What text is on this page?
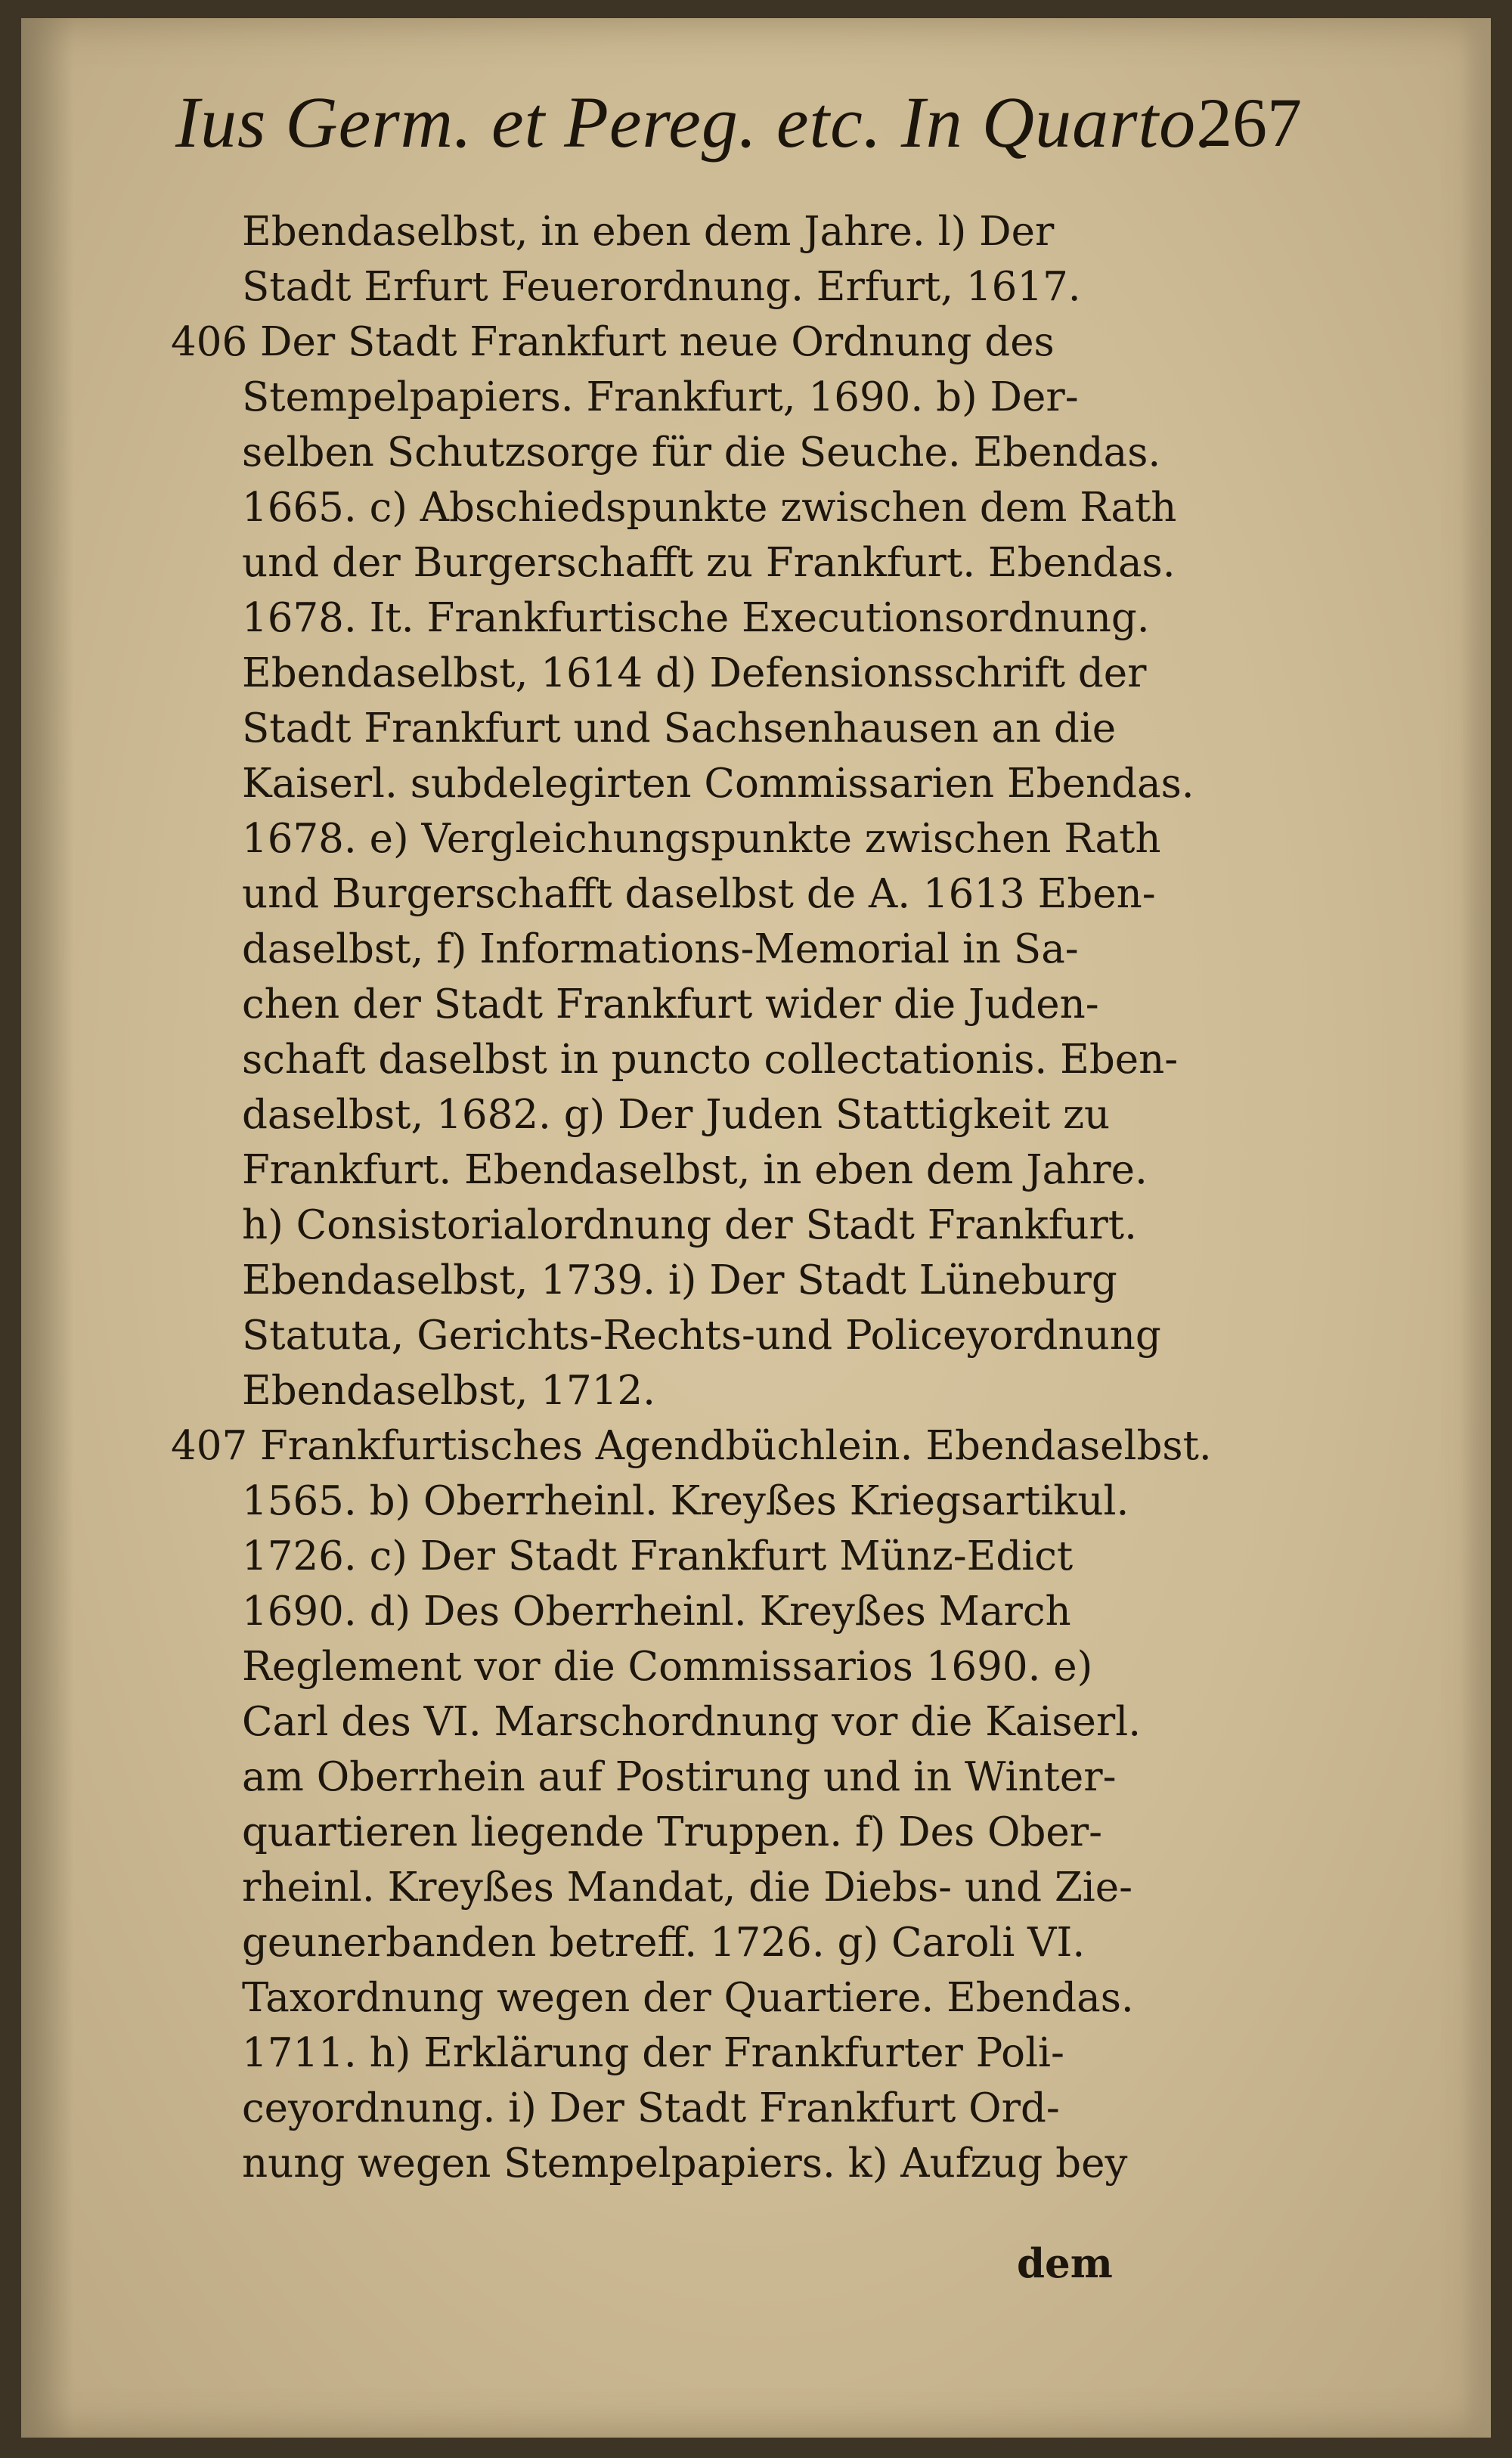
Ius Germ. et Pereg. etc. In Quarto.
267
Ebendaselbst, in eben dem Jahre. l) Der
Stadt Erfurt Feuerordnung. Erfurt, 1617.
406 Der Stadt Frankfurt neue Ordnung des
Stempelpapiers. Frankfurt, 1690. b) Der-
selben Schutzsorge für die Seuche. Ebendas.
1665. c) Abschiedspunkte zwischen dem Rath
und der Burgerschafft zu Frankfurt. Ebendas.
1678. It. Frankfurtische Executionsordnung.
Ebendaselbst, 1614 d) Defensionsschrift der
Stadt Frankfurt und Sachsenhausen an die
Kaiserl. subdelegirten Commissarien Ebendas.
1678. e) Vergleichungspunkte zwischen Rath
und Burgerschafft daselbst de A. 1613 Eben-
daselbst, f) Informations-Memorial in Sa-
chen der Stadt Frankfurt wider die Juden-
schaft daselbst in puncto collectationis. Eben-
daselbst, 1682. g) Der Juden Stattigkeit zu
Frankfurt. Ebendaselbst, in eben dem Jahre.
h) Consistorialordnung der Stadt Frankfurt.
Ebendaselbst, 1739. i) Der Stadt Lüneburg
Statuta, Gerichts-Rechts-und Policeyordnung
Ebendaselbst, 1712.
407 Frankfurtisches Agendbüchlein. Ebendaselbst.
1565. b) Oberrheinl. Kreyßes Kriegsartikul.
1726. c) Der Stadt Frankfurt Münz-Edict
1690. d) Des Oberrheinl. Kreyßes March
Reglement vor die Commissarios 1690. e)
Carl des VI. Marschordnung vor die Kaiserl.
am Oberrhein auf Postirung und in Winter-
quartieren liegende Truppen. f) Des Ober-
rheinl. Kreyßes Mandat, die Diebs- und Zie-
geunerbanden betreff. 1726. g) Caroli VI.
Taxordnung wegen der Quartiere. Ebendas.
1711. h) Erklärung der Frankfurter Poli-
ceyordnung. i) Der Stadt Frankfurt Ord-
nung wegen Stempelpapiers. k) Aufzug bey
dem
